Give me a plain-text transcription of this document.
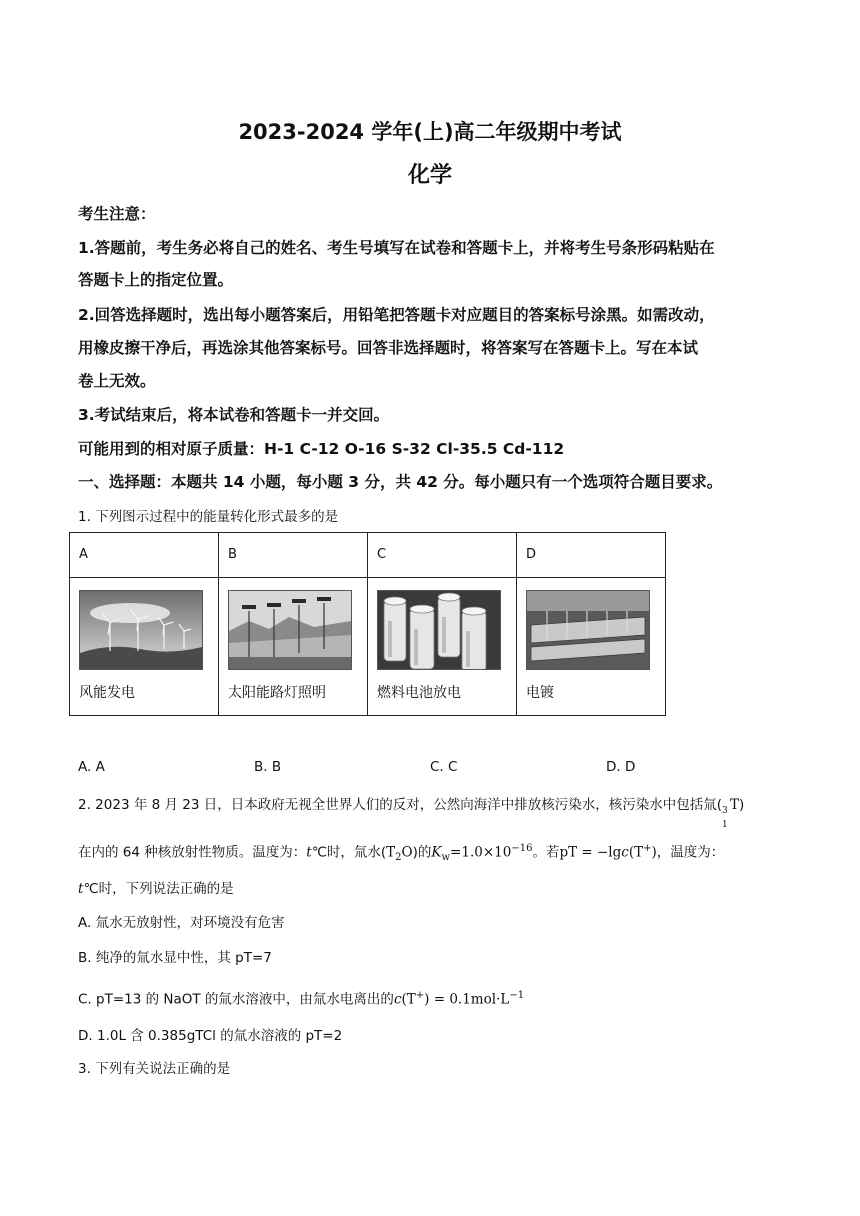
2023-2024 学年(上)高二年级期中考试
化学
考生注意：
1.答题前，考生务必将自己的姓名、考生号填写在试卷和答题卡上，并将考生号条形码粘贴在
答题卡上的指定位置。
2.回答选择题时，选出每小题答案后，用铅笔把答题卡对应题目的答案标号涂黑。如需改动，
用橡皮擦干净后，再选涂其他答案标号。回答非选择题时，将答案写在答题卡上。写在本试
卷上无效。
3.考试结束后，将本试卷和答题卡一并交回。
可能用到的相对原子质量：H-1 C-12 O-16 S-32 Cl-35.5 Cd-112
一、选择题：本题共 14 小题，每小题 3 分，共 42 分。每小题只有一个选项符合题目要求。
1. 下列图示过程中的能量转化形式最多的是
A	B	C	D

风能发电	太阳能路灯照明	燃料电池放电	电镀
A. A	B. B	C. C	D. D
2. 2023 年 8 月 23 日，日本政府无视全世界人们的反对，公然向海洋中排放核污染水，核污染水中包括氚( 3
1
T)
在内的 64 种核放射性物质。温度为：t℃时，氚水$(T_2O)$的$K_w=1.0\times 10^{-16}$。若pT = −lgc(T+)，温度为：
t℃时，下列说法正确的是
A. 氚水无放射性，对环境没有危害
B. 纯净的氚水显中性，其 pT=7
C. pT=13 的 NaOT 的氚水溶液中，由氚水电离出的$c(T^+) = 0.1mol\cdot L^{-1}$
D. 1.0L 含 0.385gTCl 的氚水溶液的 pT=2
3. 下列有关说法正确的是
